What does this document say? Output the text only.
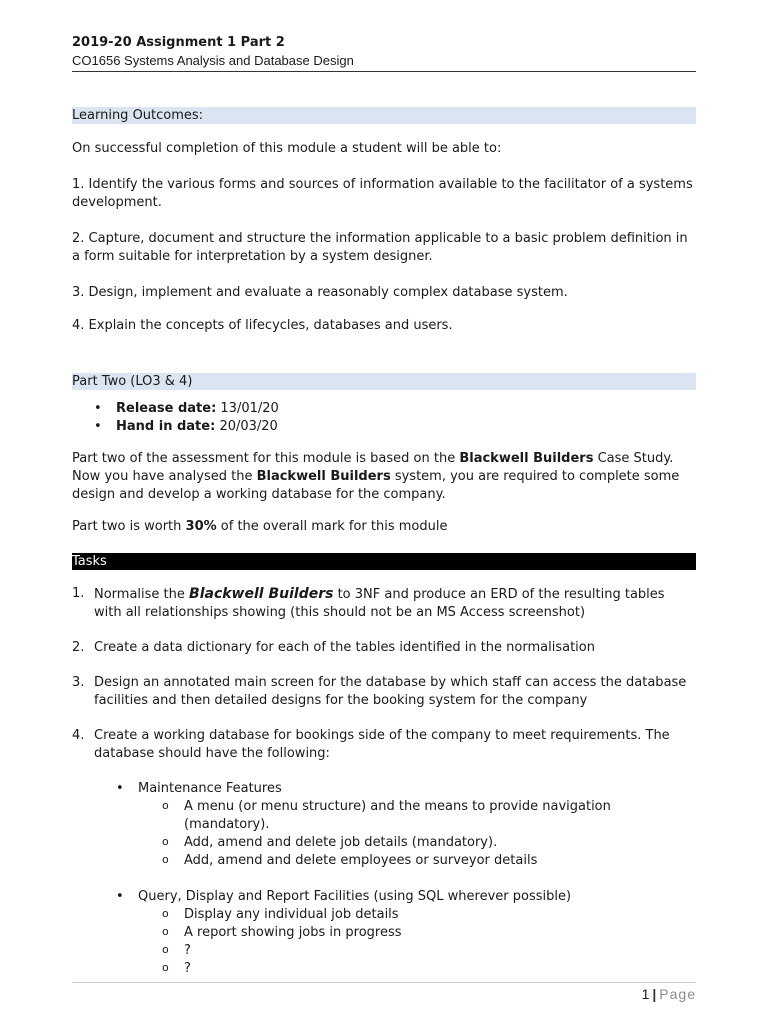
2019-20 Assignment 1 Part 2
CO1656 Systems Analysis and Database Design
Learning Outcomes:

On successful completion of this module a student will be able to:

1. Identify the various forms and sources of information available to the facilitator of a systems development.

2. Capture, document and structure the information applicable to a basic problem definition in a form suitable for interpretation by a system designer.

3. Design, implement and evaluate a reasonably complex database system.

4. Explain the concepts of lifecycles, databases and users.

Part Two (LO3 & 4)
• Release date: 13/01/20
• Hand in date: 20/03/20

Part two of the assessment for this module is based on the Blackwell Builders Case Study. Now you have analysed the Blackwell Builders system, you are required to complete some design and develop a working database for the company.

Part two is worth 30% of the overall mark for this module

Tasks
1. Normalise the Blackwell Builders to 3NF and produce an ERD of the resulting tables with all relationships showing (this should not be an MS Access screenshot)
2. Create a data dictionary for each of the tables identified in the normalisation
3. Design an annotated main screen for the database by which staff can access the database facilities and then detailed designs for the booking system for the company
4. Create a working database for bookings side of the company to meet requirements. The database should have the following:
• Maintenance Features
o A menu (or menu structure) and the means to provide navigation (mandatory).
o Add, amend and delete job details (mandatory).
o Add, amend and delete employees or surveyor details
• Query, Display and Report Facilities (using SQL wherever possible)
o Display any individual job details
o A report showing jobs in progress
o ?
o ?
1 | Page
